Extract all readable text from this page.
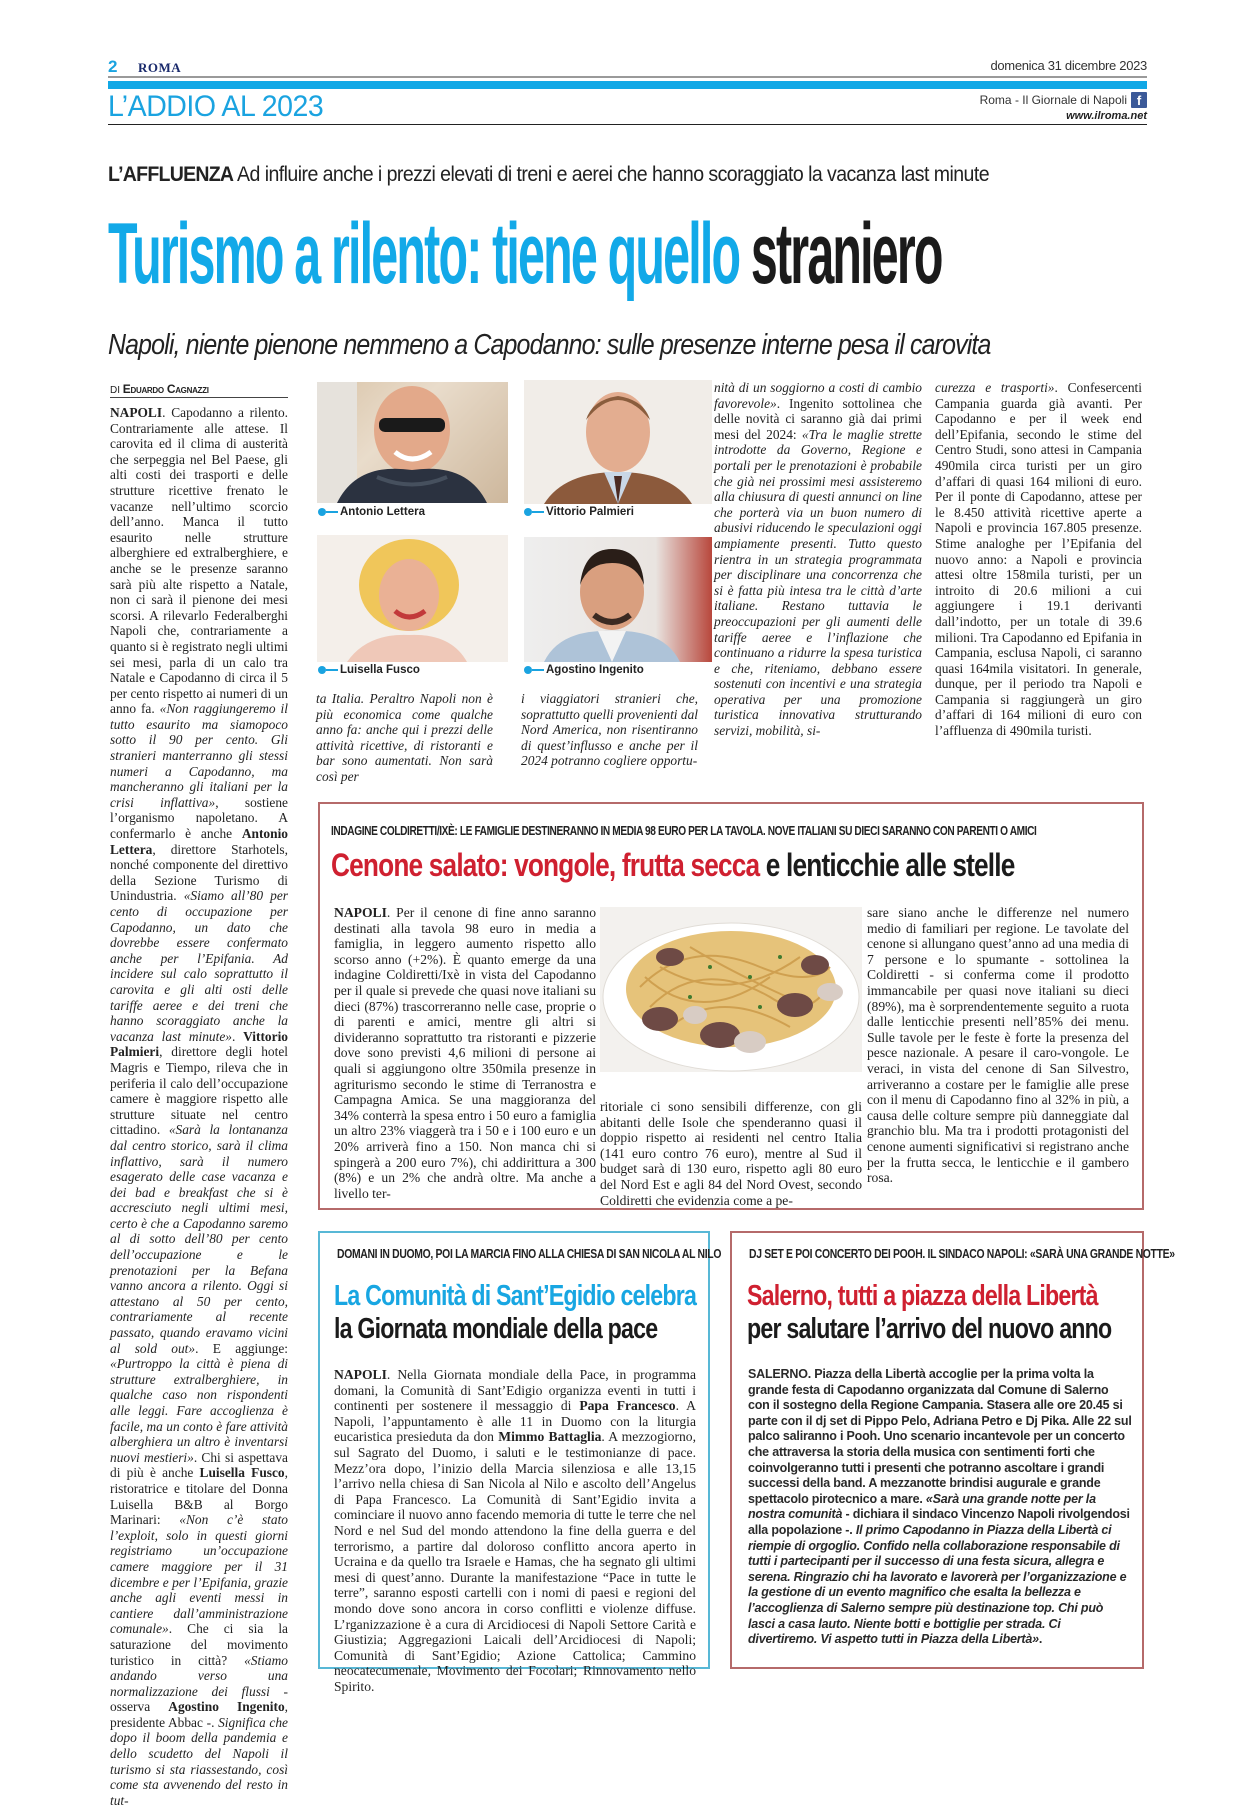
2 ROMA	domenica 31 dicembre 2023
L’ADDIO AL 2023	Roma - Il Giornale di Napoli f
www.ilroma.net
L’AFFLUENZA Ad influire anche i prezzi elevati di treni e aerei che hanno scoraggiato la vacanza last minute
Turismo a rilento: tiene quello straniero
Napoli, niente pienone nemmeno a Capodanno: sulle presenze interne pesa il carovita
DI Eduardo Cagnazzi
NAPOLI. Capodanno a rilento. Contrariamente alle attese. Il carovita ed il clima di austerità che serpeggia nel Bel Paese, gli alti costi dei trasporti e delle strutture ricettive frenato le vacanze nell’ultimo scorcio dell’anno. Manca il tutto esaurito nelle strutture alberghiere ed extralberghiere, e anche se le presenze saranno sarà più alte rispetto a Natale, non ci sarà il pienone dei mesi scorsi. A rilevarlo Federalberghi Napoli che, contrariamente a quanto si è registrato negli ultimi sei mesi, parla di un calo tra Natale e Capodanno di circa il 5 per cento rispetto ai numeri di un anno fa. «Non raggiungeremo il tutto esaurito ma siamopoco sotto il 90 per cento. Gli stranieri manterranno gli stessi numeri a Capodanno, ma mancheranno gli italiani per la crisi inflattiva», sostiene l’organismo napoletano. A confermarlo è anche Antonio Lettera, direttore Starhotels, nonché componente del direttivo della Sezione Turismo di Unindustria. «Siamo all’80 per cento di occupazione per Capodanno, un dato che dovrebbe essere confermato anche per l’Epifania. Ad incidere sul calo soprattutto il carovita e gli alti osti delle tariffe aeree e dei treni che hanno scoraggiato anche la vacanza last minute». Vittorio Palmieri, direttore degli hotel Magris e Tiempo, rileva che in periferia il calo dell’occupazione camere è maggiore rispetto alle strutture situate nel centro cittadino. «Sarà la lontananza dal centro storico, sarà il clima inflattivo, sarà il numero esagerato delle case vacanza e dei bad e breakfast che si è accresciuto negli ultimi mesi, certo è che a Capodanno saremo al di sotto dell’80 per cento dell’occupazione e le prenotazioni per la Befana vanno ancora a rilento. Oggi si attestano al 50 per cento, contrariamente al recente passato, quando eravamo vicini al sold out». E aggiunge: «Purtroppo la città è piena di strutture extralberghiere, in qualche caso non rispondenti alle leggi. Fare accoglienza è facile, ma un conto è fare attività alberghiera un altro è inventarsi nuovi mestieri». Chi si aspettava di più è anche Luisella Fusco, ristoratrice e titolare del Donna Luisella B&B al Borgo Marinari: «Non c’è stato l’exploit, solo in questi giorni registriamo un’occupazione camere maggiore per il 31 dicembre e per l’Epifania, grazie anche agli eventi messi in cantiere dall’amministrazione comunale». Che ci sia la saturazione del movimento turistico in città? «Stiamo andando verso una normalizzazione dei flussi - osserva Agostino Ingenito, presidente Abbac -. Significa che dopo il boom della pandemia e dello scudetto del Napoli il turismo si sta riassestando, così come sta avvenendo del resto in tut-
Antonio Lettera	Vittorio Palmieri
Luisella Fusco	Agostino Ingenito
ta Italia. Peraltro Napoli non è più economica come qualche anno fa: anche qui i prezzi delle attività ricettive, di ristoranti e bar sono aumentati. Non sarà così per
i viaggiatori stranieri che, soprattutto quelli provenienti dal Nord America, non risentiranno di quest’influsso e anche per il 2024 potranno cogliere opportu-
nità di un soggiorno a costi di cambio favorevole». Ingenito sottolinea che delle novità ci saranno già dai primi mesi del 2024: «Tra le maglie strette introdotte da Governo, Regione e portali per le prenotazioni è probabile che già nei prossimi mesi assisteremo alla chiusura di questi annunci on line che porterà via un buon numero di abusivi riducendo le speculazioni oggi ampiamente presenti. Tutto questo rientra in un strategia programmata per disciplinare una concorrenza che si è fatta più intesa tra le città d’arte italiane. Restano tuttavia le preoccupazioni per gli aumenti delle tariffe aeree e l’inflazione che continuano a ridurre la spesa turistica e che, riteniamo, debbano essere sostenuti con incentivi e una strategia operativa per una promozione turistica innovativa strutturando servizi, mobilità, si-
curezza e trasporti». Confesercenti Campania guarda già avanti. Per Capodanno e per il week end dell’Epifania, secondo le stime del Centro Studi, sono attesi in Campania 490mila circa turisti per un giro d’affari di quasi 164 milioni di euro. Per il ponte di Capodanno, attese per le 8.450 attività ricettive aperte a Napoli e provincia 167.805 presenze. Stime analoghe per l’Epifania del nuovo anno: a Napoli e provincia attesi oltre 158mila turisti, per un introito di 20.6 milioni a cui aggiungere i 19.1 derivanti dall’indotto, per un totale di 39.6 milioni. Tra Capodanno ed Epifania in Campania, esclusa Napoli, ci saranno quasi 164mila visitatori. In generale, dunque, per il periodo tra Napoli e Campania si raggiungerà un giro d’affari di 164 milioni di euro con l’affluenza di 490mila turisti.
INDAGINE COLDIRETTI/IXÈ: LE FAMIGLIE DESTINERANNO IN MEDIA 98 EURO PER LA TAVOLA. NOVE ITALIANI SU DIECI SARANNO CON PARENTI O AMICI
Cenone salato: vongole, frutta secca e lenticchie alle stelle
NAPOLI. Per il cenone di fine anno saranno destinati alla tavola 98 euro in media a famiglia, in leggero aumento rispetto allo scorso anno (+2%). È quanto emerge da una indagine Coldiretti/Ixè in vista del Capodanno per il quale si prevede che quasi nove italiani su dieci (87%) trascorreranno nelle case, proprie o di parenti e amici, mentre gli altri si divideranno soprattutto tra ristoranti e pizzerie dove sono previsti 4,6 milioni di persone ai quali si aggiungono oltre 350mila presenze in agriturismo secondo le stime di Terranostra e Campagna Amica. Se una maggioranza del 34% conterrà la spesa entro i 50 euro a famiglia un altro 23% viaggerà tra i 50 e i 100 euro e un 20% arriverà fino a 150. Non manca chi si spingerà a 200 euro 7%), chi addirittura a 300 (8%) e un 2% che andrà oltre. Ma anche a livello ter-
ritoriale ci sono sensibili differenze, con gli abitanti delle Isole che spenderanno quasi il doppio rispetto ai residenti nel centro Italia (141 euro contro 76 euro), mentre al Sud il budget sarà di 130 euro, rispetto agli 80 euro del Nord Est e agli 84 del Nord Ovest, secondo Coldiretti che evidenzia come a pe-
sare siano anche le differenze nel numero medio di familiari per regione. Le tavolate del cenone si allungano quest’anno ad una media di 7 persone e lo spumante - sottolinea la Coldiretti - si conferma come il prodotto immancabile per quasi nove italiani su dieci (89%), ma è sorprendentemente seguito a ruota dalle lenticchie presenti nell’85% dei menu. Sulle tavole per le feste è forte la presenza del pesce nazionale. A pesare il caro-vongole. Le veraci, in vista del cenone di San Silvestro, arriveranno a costare per le famiglie alle prese con il menu di Capodanno fino al 32% in più, a causa delle colture sempre più danneggiate dal granchio blu. Ma tra i prodotti protagonisti del cenone aumenti significativi si registrano anche per la frutta secca, le lenticchie e il gambero rosa.
DOMANI IN DUOMO, POI LA MARCIA FINO ALLA CHIESA DI SAN NICOLA AL NILO
La Comunità di Sant’Egidio celebra
la Giornata mondiale della pace
NAPOLI. Nella Giornata mondiale della Pace, in programma domani, la Comunità di Sant’Edigio organizza eventi in tutti i continenti per sostenere il messaggio di Papa Francesco. A Napoli, l’appuntamento è alle 11 in Duomo con la liturgia eucaristica presieduta da don Mimmo Battaglia. A mezzogiorno, sul Sagrato del Duomo, i saluti e le testimonianze di pace. Mezz’ora dopo, l’inizio della Marcia silenziosa e alle 13,15 l’arrivo nella chiesa di San Nicola al Nilo e ascolto dell’Angelus di Papa Francesco. La Comunità di Sant’Egidio invita a cominciare il nuovo anno facendo memoria di tutte le terre che nel Nord e nel Sud del mondo attendono la fine della guerra e del terrorismo, a partire dal doloroso conflitto ancora aperto in Ucraina e da quello tra Israele e Hamas, che ha segnato gli ultimi mesi di quest’anno. Durante la manifestazione “Pace in tutte le terre”, saranno esposti cartelli con i nomi di paesi e regioni del mondo dove sono ancora in corso conflitti e violenze diffuse. L’rganizzazione è a cura di Arcidiocesi di Napoli Settore Carità e Giustizia; Aggregazioni Laicali dell’Arcidiocesi di Napoli; Comunità di Sant’Egidio; Azione Cattolica; Cammino neocatecumenale, Movimento dei Focolari; Rinnovamento nello Spirito.
DJ SET E POI CONCERTO DEI POOH. IL SINDACO NAPOLI: «SARÀ UNA GRANDE NOTTE»
Salerno, tutti a piazza della Libertà
per salutare l’arrivo del nuovo anno
SALERNO. Piazza della Libertà accoglie per la prima volta la grande festa di Capodanno organizzata dal Comune di Salerno con il sostegno della Regione Campania. Stasera alle ore 20.45 si parte con il dj set di Pippo Pelo, Adriana Petro e Dj Pika. Alle 22 sul palco saliranno i Pooh. Uno scenario incantevole per un concerto che attraversa la storia della musica con sentimenti forti che coinvolgeranno tutti i presenti che potranno ascoltare i grandi successi della band. A mezzanotte brindisi augurale e grande spettacolo pirotecnico a mare. «Sarà una grande notte per la nostra comunità - dichiara il sindaco Vincenzo Napoli rivolgendosi alla popolazione -. Il primo Capodanno in Piazza della Libertà ci riempie di orgoglio. Confido nella collaborazione responsabile di tutti i partecipanti per il successo di una festa sicura, allegra e serena. Ringrazio chi ha lavorato e lavorerà per l’organizzazione e la gestione di un evento magnifico che esalta la bellezza e l’accoglienza di Salerno sempre più destinazione top. Chi può lasci a casa lauto. Niente botti e bottiglie per strada. Ci divertiremo. Vi aspetto tutti in Piazza della Libertà».
